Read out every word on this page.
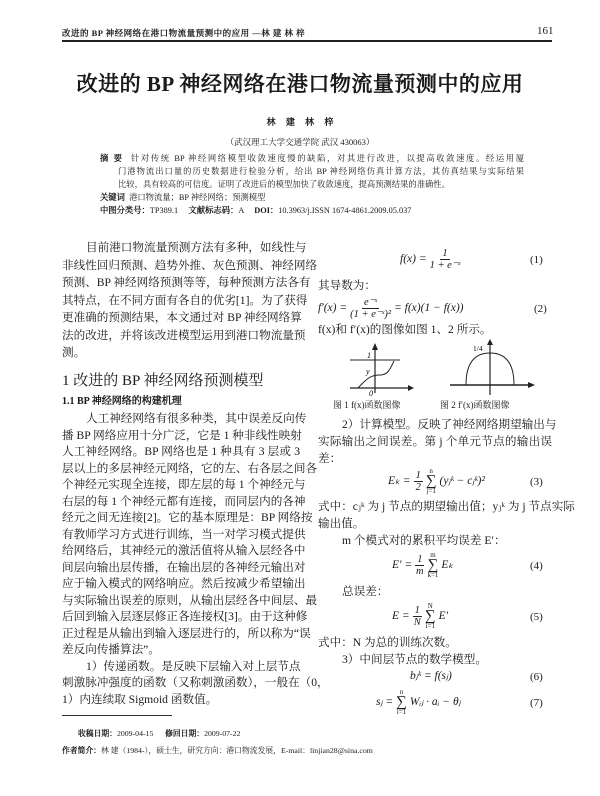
改进的 BP 神经网络在港口物流量预测中的应用 —林 建 林 梓	161
改进的 BP 神经网络在港口物流量预测中的应用
林 建 林 梓
（武汉理工大学交通学院 武汉 430063）
摘 要 针对传统 BP 神经网络模型收敛速度慢的缺陷，对其进行改进，以提高收敛速度。经运用厦
门港物流出口量的历史数据进行检验分析，给出 BP 神经网络仿真计算方法，其仿真结果与实际结果
比较，具有较高的可信度。证明了改进后的模型加快了收敛速度，提高预测结果的准确性。
关键词 港口物流量；BP 神经网络；预测模型
中图分类号：TP389.1 文献标志码：A DOI：10.3963/j.ISSN 1674-4861.2009.05.037
目前港口物流量预测方法有多种，如线性与
非线性回归预测、趋势外推、灰色预测、神经网络
预测、BP 神经网络预测等等，每种预测方法各有
其特点，在不同方面有各自的优劣[1]。为了获得
更准确的预测结果，本文通过对 BP 神经网络算
法的改进，并将该改进模型运用到港口物流量预
测。
人工神经网络有很多种类，其中误差反向传
播 BP 网络应用十分广泛，它是 1 种非线性映射
人工神经网络。BP 网络也是 1 种具有 3 层或 3
层以上的多层神经元网络，它的左、右各层之间各
个神经元实现全连接，即左层的每 1 个神经元与
右层的每 1 个神经元都有连接，而同层内的各神
经元之间无连接[2]。它的基本原理是：BP 网络按
有教师学习方式进行训练，当一对学习模式提供
给网络后，其神经元的激活值将从输入层经各中
间层向输出层传播，在输出层的各神经元输出对
应于输入模式的网络响应。然后按减少希望输出
与实际输出误差的原则，从输出层经各中间层、最
后回到输入层逐层修正各连接权[3]。由于这种修
正过程是从输出到输入逐层进行的，所以称为“误
差反向传播算法”。
1）传递函数。是反映下层输入对上层节点
刺激脉冲强度的函数（又称刺激函数），一般在（0，
1）内连续取 Sigmoid 函数值。
1 改进的 BP 神经网络预测模型
1.1 BP 神经网络的构建机理
$f(x) = \frac{1}{\text{1 + e⁻ˣ}}$	(1)
其导数为：
$f'(x) = \frac{\text{e⁻ˣ}}{\text{(1 + e⁻ˣ)²}} = f(x)(1 - f(x))$	(2)
f(x)和 f′(x)的图像如图 1、2 所示。
1
y
0
1/4
图 1 f(x)函数图像	图 2 f′(x)函数图像
2）计算模型。反映了神经网络期望输出与
实际输出之间误差。第 j 个单元节点的输出误
差：
$E_k = \frac{1}{2}$ n
∑
j=1
(yⱼᵏ − cⱼᵏ)²	(3)
式中：cⱼᵏ 为 j 节点的期望输出值；yⱼᵏ 为 j 节点实际
输出值。
m 个模式对的累积平均误差 E′：
$E' = \frac{1}{m}$ m
∑
k=1
Eₖ	(4)
总误差：
$E = \frac{1}{N}$ N
∑
i=1
E′	(5)
式中：N 为总的训练次数。
3）中间层节点的数学模型。
bⱼᵏ = f(sⱼ)	(6)
sⱼ =
n
∑
i=1
Wᵢⱼ · aᵢ − θⱼ	(7)
收稿日期：2009-04-15 修回日期：2009-07-22
作者简介：林 建（1984-），硕士生，研究方向：港口物流发展，E-mail：linjian28@sina.com
